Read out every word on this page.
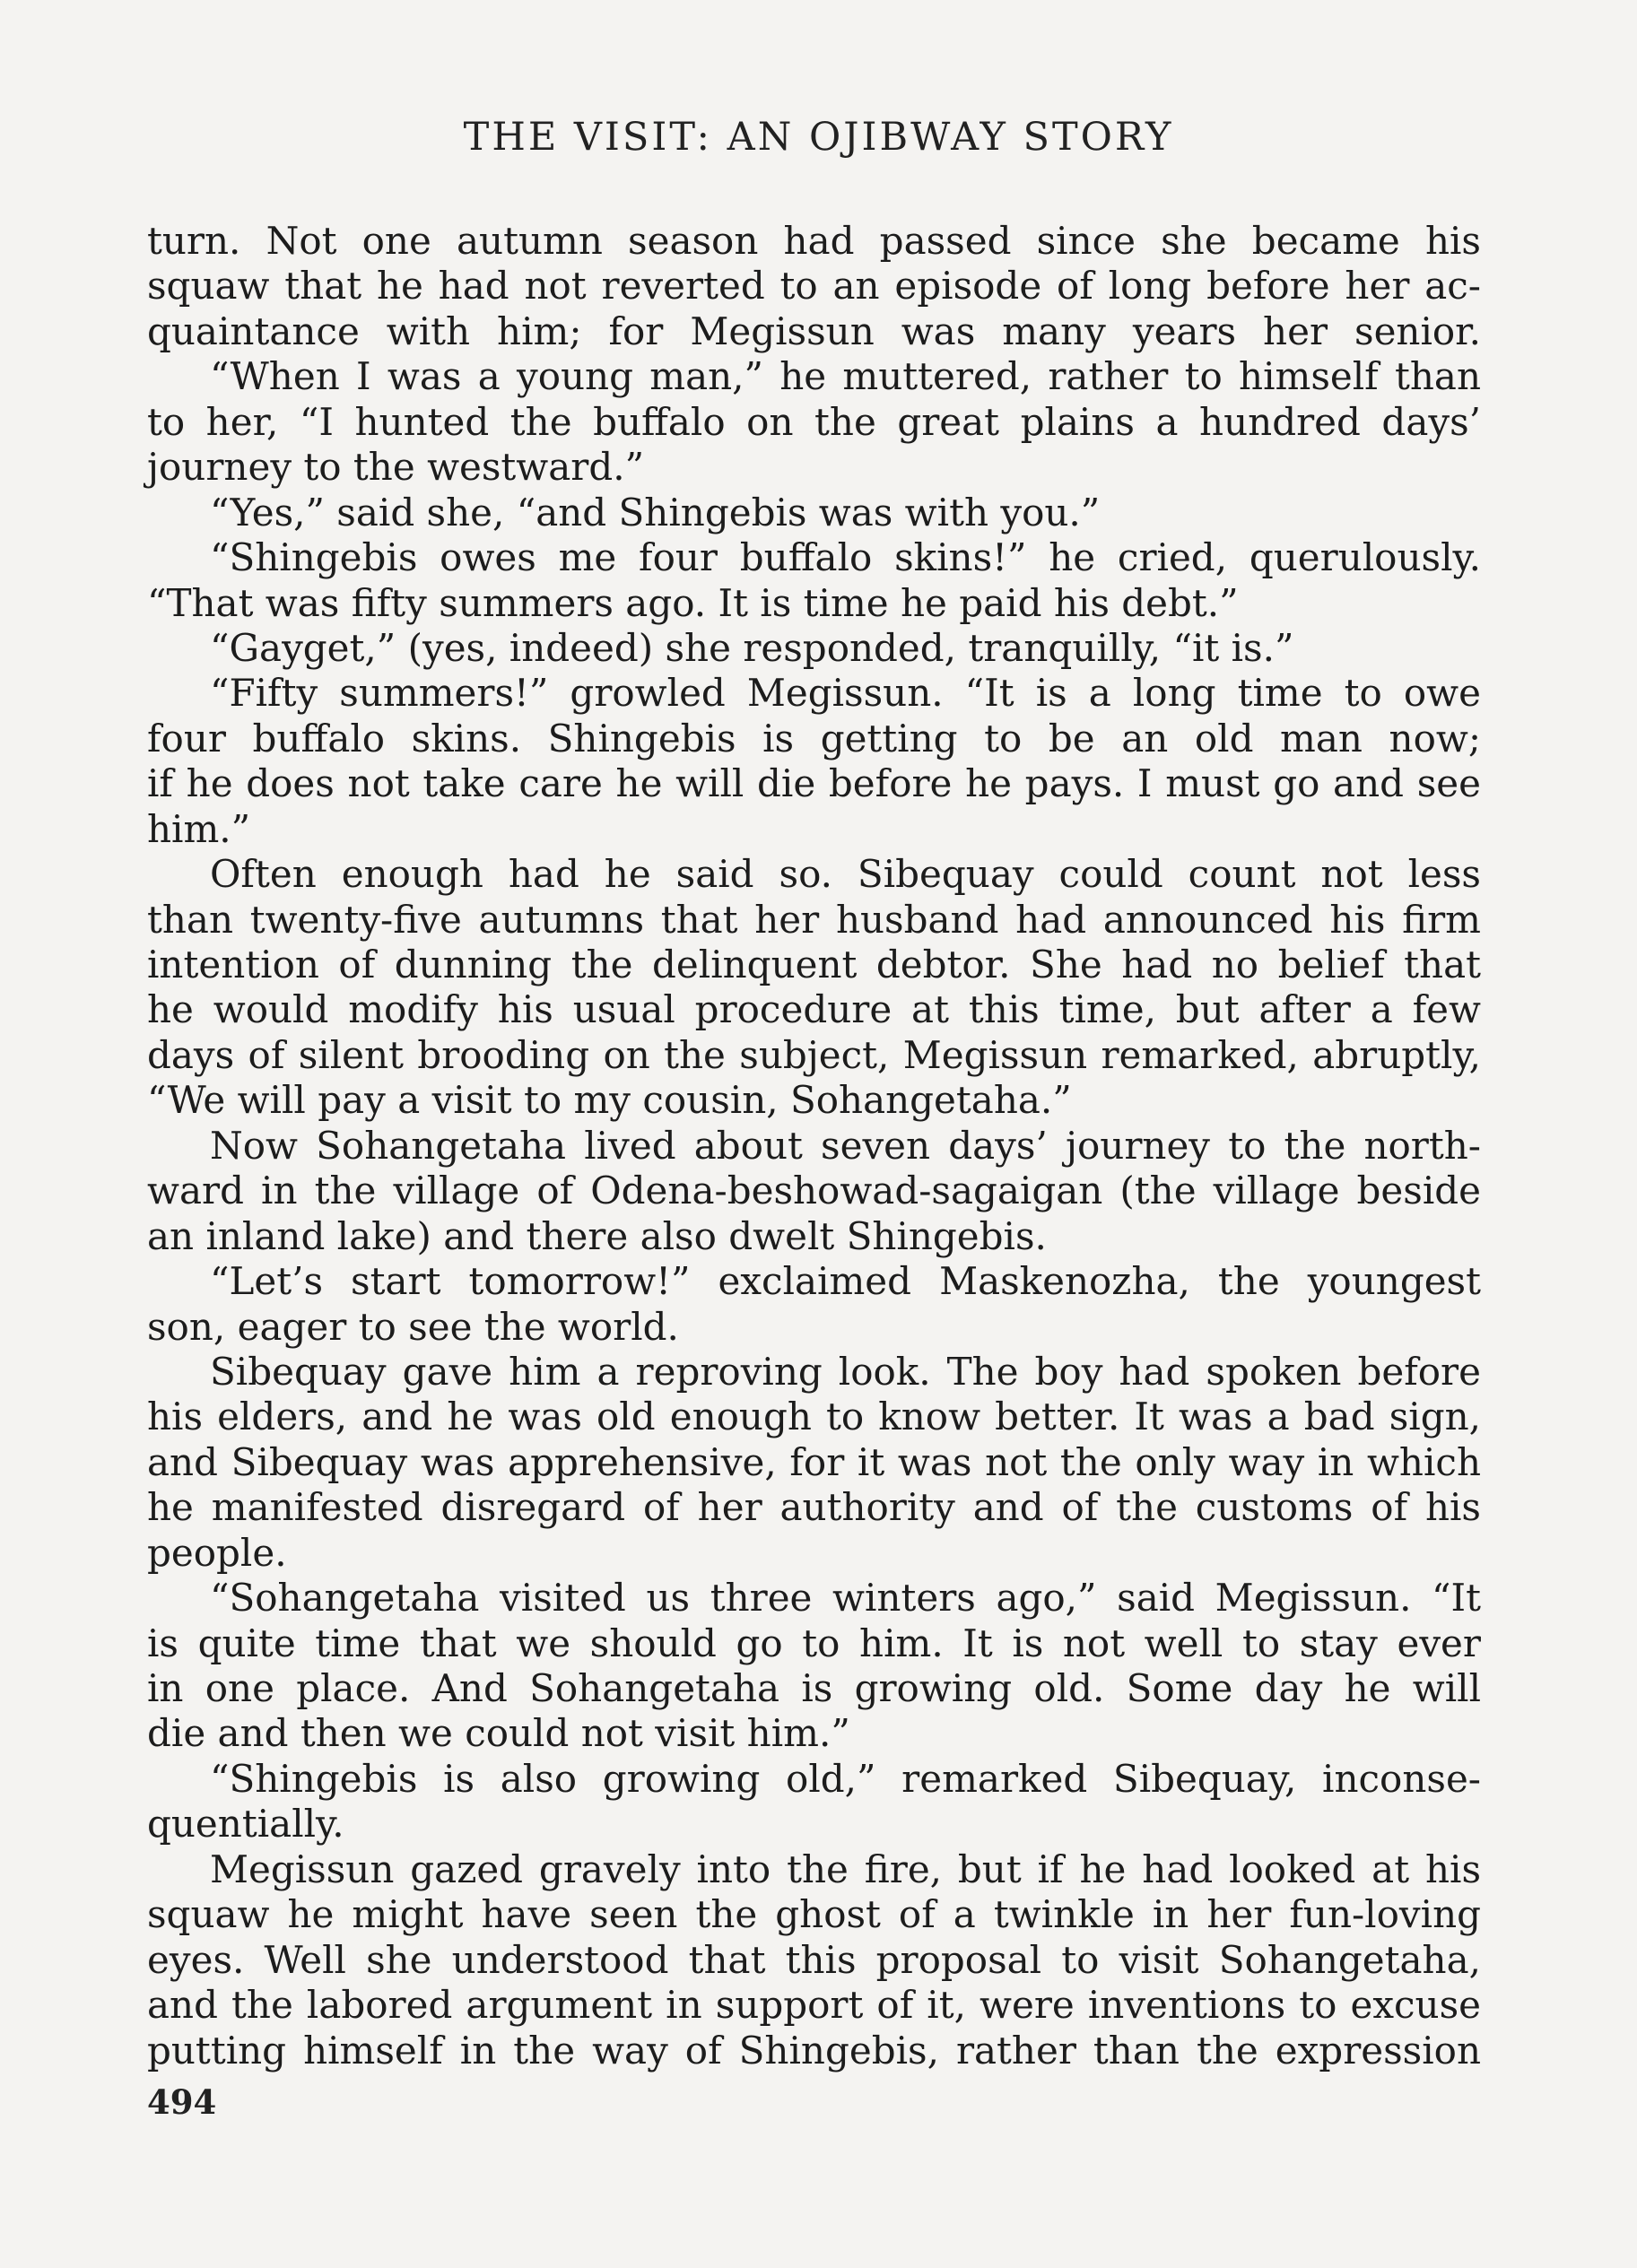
THE VISIT: AN OJIBWAY STORY
turn. Not one autumn season had passed since she became his
squaw that he had not reverted to an episode of long before her ac-
quaintance with him; for Megissun was many years her senior.
“When I was a young man,” he muttered, rather to himself than
to her, “I hunted the buffalo on the great plains a hundred days’
journey to the westward.”
“Yes,” said she, “and Shingebis was with you.”
“Shingebis owes me four buffalo skins!” he cried, querulously.
“That was fifty summers ago. It is time he paid his debt.”
“Gayget,” (yes, indeed) she responded, tranquilly, “it is.”
“Fifty summers!” growled Megissun. “It is a long time to owe
four buffalo skins. Shingebis is getting to be an old man now;
if he does not take care he will die before he pays. I must go and see
him.”
Often enough had he said so. Sibequay could count not less
than twenty-five autumns that her husband had announced his firm
intention of dunning the delinquent debtor. She had no belief that
he would modify his usual procedure at this time, but after a few
days of silent brooding on the subject, Megissun remarked, abruptly,
“We will pay a visit to my cousin, Sohangetaha.”
Now Sohangetaha lived about seven days’ journey to the north-
ward in the village of Odena-beshowad-sagaigan (the village beside
an inland lake) and there also dwelt Shingebis.
“Let’s start tomorrow!” exclaimed Maskenozha, the youngest
son, eager to see the world.
Sibequay gave him a reproving look. The boy had spoken before
his elders, and he was old enough to know better. It was a bad sign,
and Sibequay was apprehensive, for it was not the only way in which
he manifested disregard of her authority and of the customs of his
people.
“Sohangetaha visited us three winters ago,” said Megissun. “It
is quite time that we should go to him. It is not well to stay ever
in one place. And Sohangetaha is growing old. Some day he will
die and then we could not visit him.”
“Shingebis is also growing old,” remarked Sibequay, inconse-
quentially.
Megissun gazed gravely into the fire, but if he had looked at his
squaw he might have seen the ghost of a twinkle in her fun-loving
eyes. Well she understood that this proposal to visit Sohangetaha,
and the labored argument in support of it, were inventions to excuse
putting himself in the way of Shingebis, rather than the expression
494
